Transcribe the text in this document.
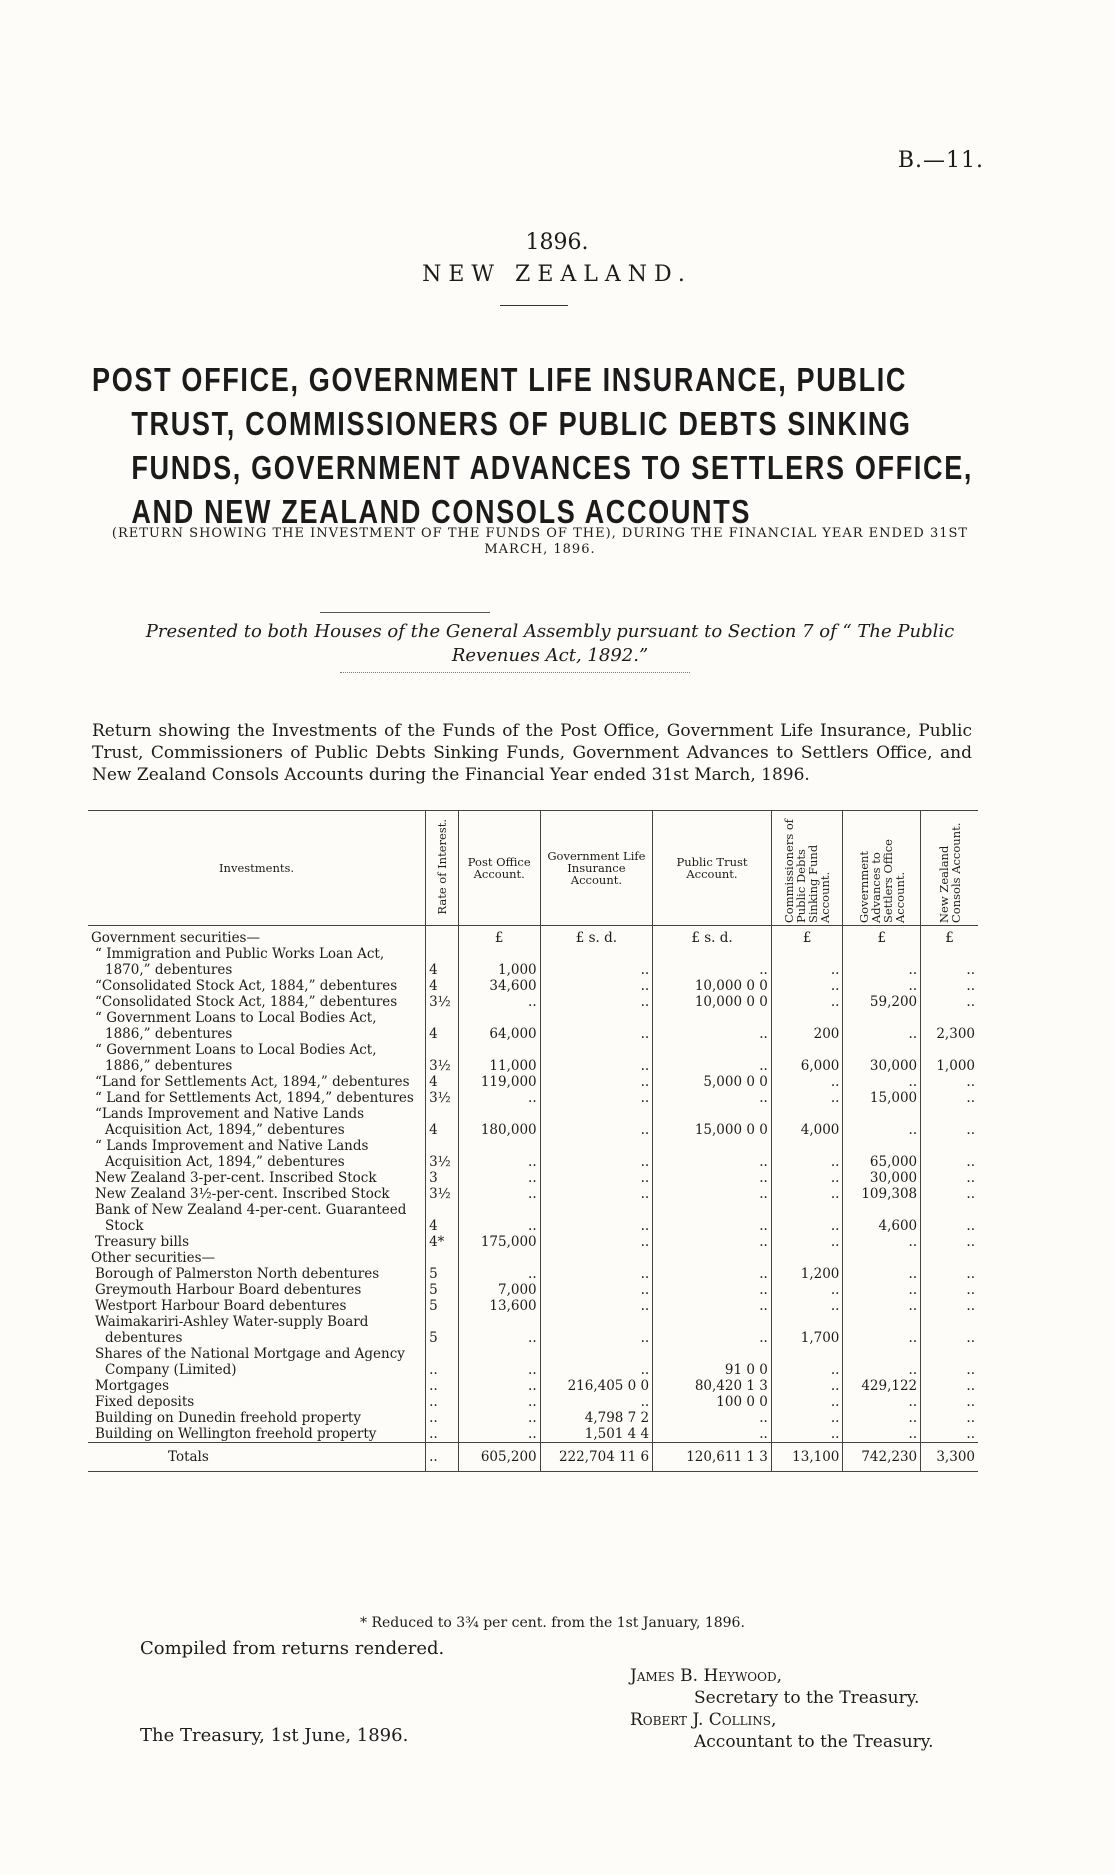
B.—11.
1896.
NEW ZEALAND.
POST OFFICE, GOVERNMENT LIFE INSURANCE, PUBLIC
TRUST, COMMISSIONERS OF PUBLIC DEBTS SINKING
FUNDS, GOVERNMENT ADVANCES TO SETTLERS OFFICE,
AND NEW ZEALAND CONSOLS ACCOUNTS
(RETURN SHOWING THE INVESTMENT OF THE FUNDS OF THE), DURING THE FINANCIAL YEAR ENDED 31ST MARCH, 1896.
Presented to both Houses of the General Assembly pursuant to Section 7 of “ The Public Revenues Act, 1892.”
Return showing the Investments of the Funds of the Post Office, Government Life Insurance, Public Trust, Commissioners of Public Debts Sinking Funds, Government Advances to Settlers Office, and New Zealand Consols Accounts during the Financial Year ended 31st March, 1896.
Investments.	Rate of Interest.	Post Office Account.	Government Life Insurance Account.	Public Trust Account.	Commissioners of Public Debts Sinking Fund Account.	Government Advances to Settlers Office Account.	New Zealand Consols Account.

Government securities—		£	£ s. d.	£ s. d.	£	£	£

“ Immigration and Public Works Loan Act, 1870,” debentures	4	1,000	..	..	..	..	..

“Consolidated Stock Act, 1884,” debentures	4	34,600	..	10,000 0 0	..	..	..

“Consolidated Stock Act, 1884,” debentures	3½	..	..	10,000 0 0	..	59,200	..

“ Government Loans to Local Bodies Act, 1886,” debentures	4	64,000	..	..	200	..	2,300

“ Government Loans to Local Bodies Act, 1886,” debentures	3½	11,000	..	..	6,000	30,000	1,000

“Land for Settlements Act, 1894,” debentures	4	119,000	..	5,000 0 0	..	..	..

“ Land for Settlements Act, 1894,” debentures	3½	..	..	..	..	15,000	..

“Lands Improvement and Native Lands Acquisition Act, 1894,” debentures	4	180,000	..	15,000 0 0	4,000	..	..

“ Lands Improvement and Native Lands Acquisition Act, 1894,” debentures	3½	..	..	..	..	65,000	..

New Zealand 3-per-cent. Inscribed Stock	3	..	..	..	..	30,000	..

New Zealand 3½-per-cent. Inscribed Stock	3½	..	..	..	..	109,308	..

Bank of New Zealand 4-per-cent. Guaranteed Stock	4	..	..	..	..	4,600	..

Treasury bills	4*	175,000	..	..	..	..	..
Other securities—							

Borough of Palmerston North debentures	5	..	..	..	1,200	..	..

Greymouth Harbour Board debentures	5	7,000	..	..	..	..	..

Westport Harbour Board debentures	5	13,600	..	..	..	..	..

Waimakariri-Ashley Water-supply Board debentures	5	..	..	..	1,700	..	..

Shares of the National Mortgage and Agency Company (Limited)	..	..	..	91 0 0	..	..	..

Mortgages	..	..	216,405 0 0	80,420 1 3	..	429,122	..

Fixed deposits	..	..	..	100 0 0	..	..	..

Building on Dunedin freehold property	..	..	4,798 7 2	..	..	..	..

Building on Wellington freehold property	..	..	1,501 4 4	..	..	..	..
Totals	..	605,200	222,704 11 6	120,611 1 3	13,100	742,230	3,300
* Reduced to 3¾ per cent. from the 1st January, 1896.
Compiled from returns rendered.
James B. Heywood,
Secretary to the Treasury.
Robert J. Collins,
Accountant to the Treasury.
The Treasury, 1st June, 1896.
